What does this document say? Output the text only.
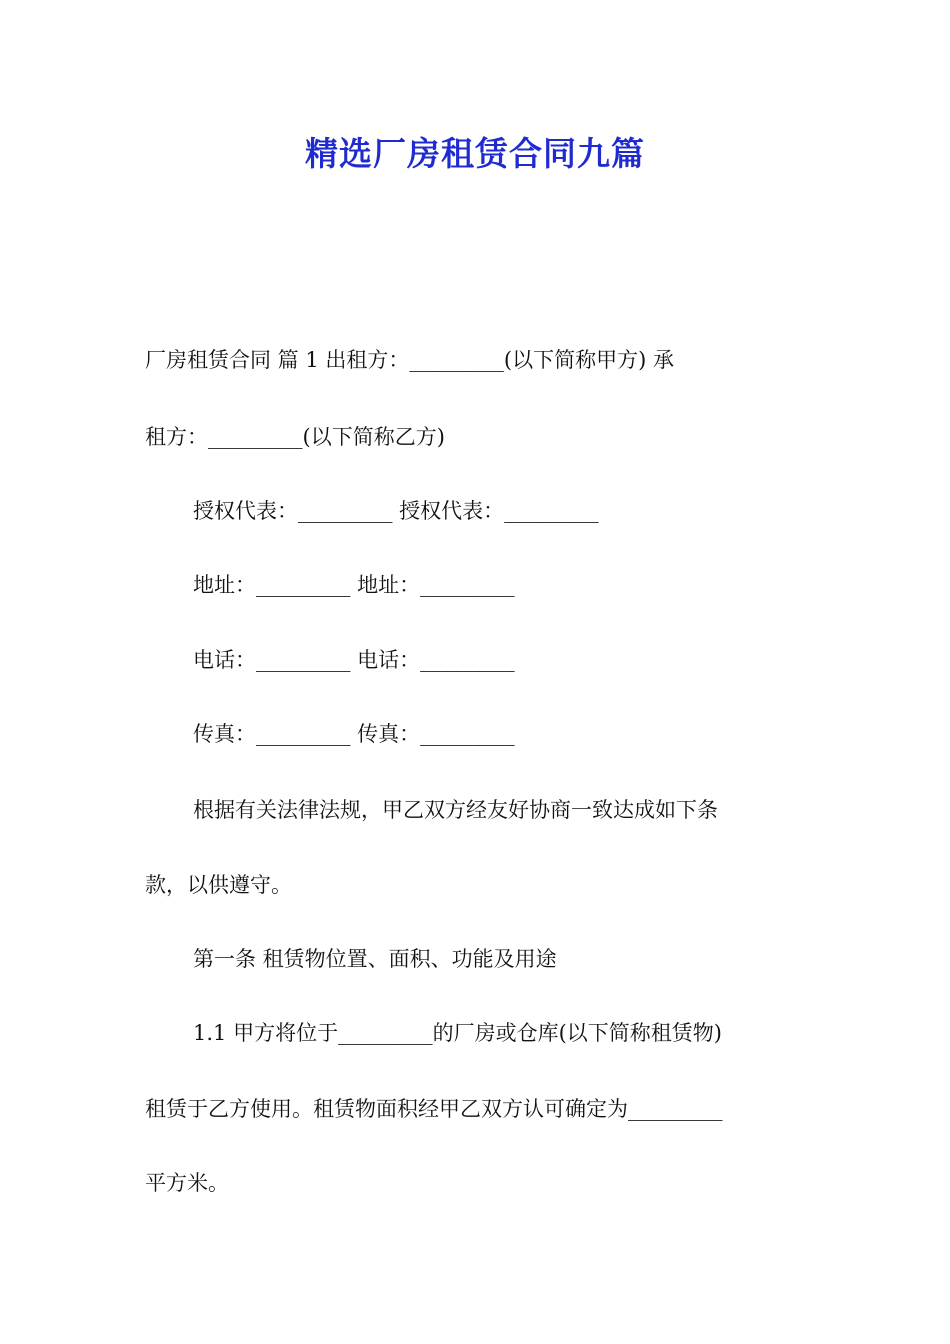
精选厂房租赁合同九篇
厂房租赁合同 篇 1 出租方：_________(以下简称甲方) 承
租方：_________(以下简称乙方)
授权代表：_________ 授权代表：_________
地址：_________ 地址：_________
电话：_________ 电话：_________
传真：_________ 传真：_________
根据有关法律法规，甲乙双方经友好协商一致达成如下条
款，以供遵守。
第一条 租赁物位置、面积、功能及用途
1.1 甲方将位于_________的厂房或仓库(以下简称租赁物)
租赁于乙方使用。租赁物面积经甲乙双方认可确定为_________
平方米。
